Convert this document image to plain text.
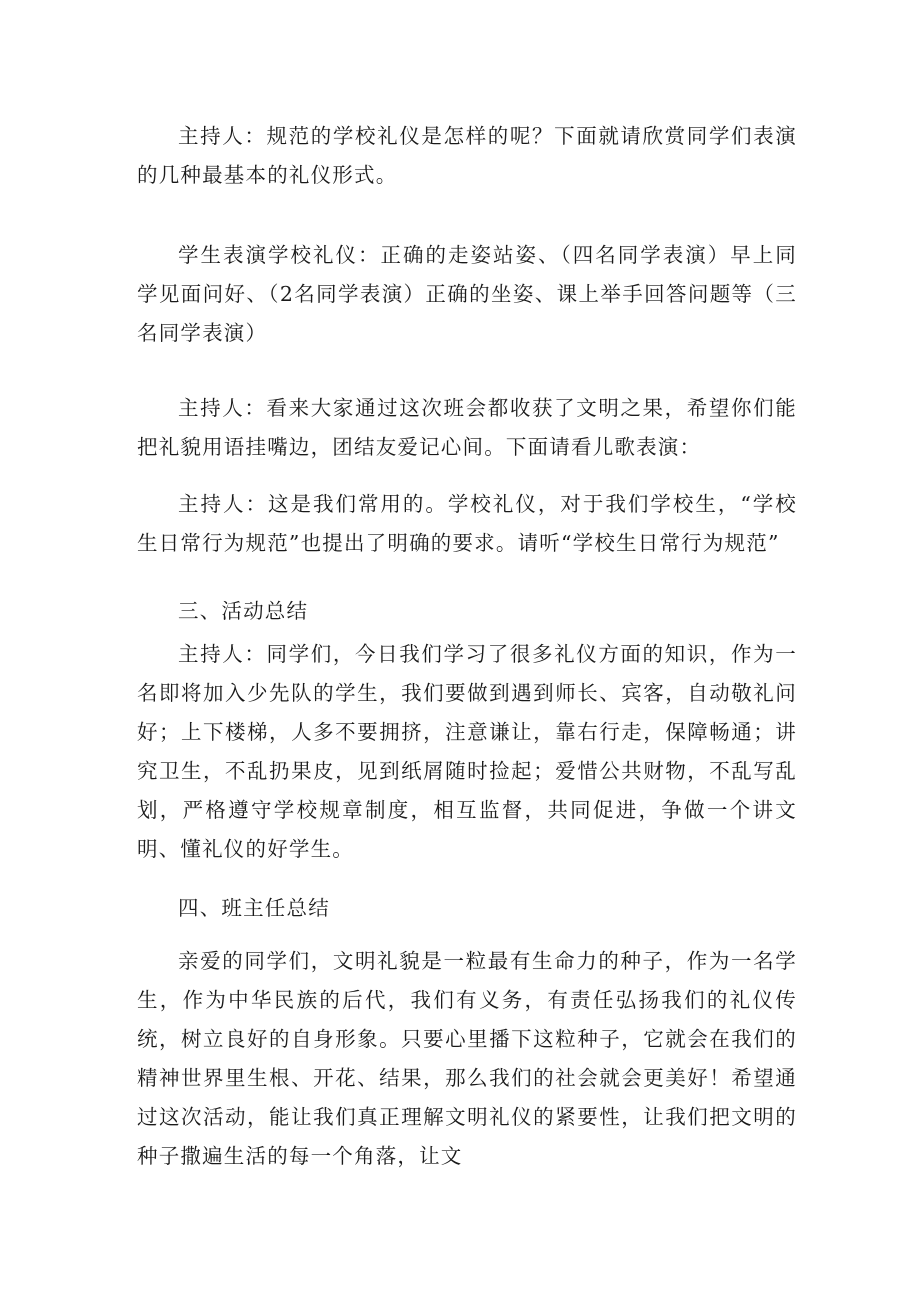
主持人：规范的学校礼仪是怎样的呢？下面就请欣赏同学们表演的几种最基本的礼仪形式。

学生表演学校礼仪：正确的走姿站姿、（四名同学表演）早上同学见面问好、（2名同学表演）正确的坐姿、课上举手回答问题等（三名同学表演）

主持人：看来大家通过这次班会都收获了文明之果，希望你们能把礼貌用语挂嘴边，团结友爱记心间。下面请看儿歌表演：

主持人：这是我们常用的。学校礼仪，对于我们学校生，“学校生日常行为规范”也提出了明确的要求。请听“学校生日常行为规范”

三、活动总结

主持人：同学们，今日我们学习了很多礼仪方面的知识，作为一名即将加入少先队的学生，我们要做到遇到师长、宾客，自动敬礼问好；上下楼梯，人多不要拥挤，注意谦让，靠右行走，保障畅通；讲究卫生，不乱扔果皮，见到纸屑随时捡起；爱惜公共财物，不乱写乱划，严格遵守学校规章制度，相互监督，共同促进，争做一个讲文明、懂礼仪的好学生。

四、班主任总结

亲爱的同学们，文明礼貌是一粒最有生命力的种子，作为一名学生，作为中华民族的后代，我们有义务，有责任弘扬我们的礼仪传统，树立良好的自身形象。只要心里播下这粒种子，它就会在我们的精神世界里生根、开花、结果，那么我们的社会就会更美好！希望通过这次活动，能让我们真正理解文明礼仪的紧要性，让我们把文明的种子撒遍生活的每一个角落，让文
